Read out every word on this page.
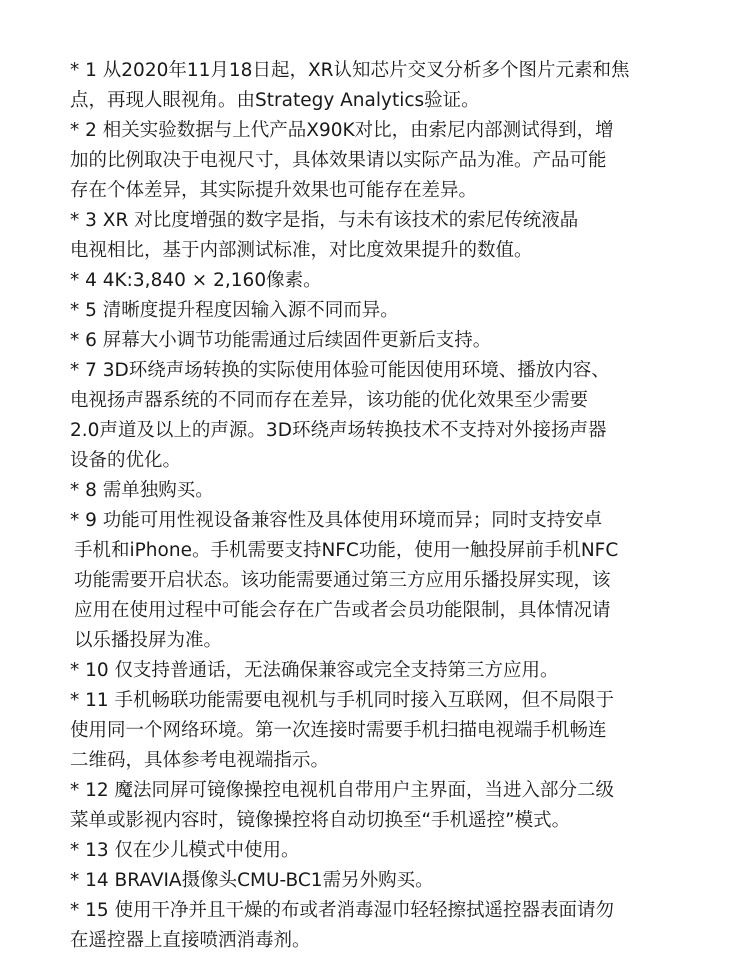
* 1 从2020年11月18日起，XR认知芯片交叉分析多个图片元素和焦
点，再现人眼视角。由Strategy Analytics验证。
* 2 相关实验数据与上代产品X90K对比，由索尼内部测试得到，增
加的比例取决于电视尺寸，具体效果请以实际产品为准。产品可能
存在个体差异，其实际提升效果也可能存在差异。
* 3 XR 对比度增强的数字是指，与未有该技术的索尼传统液晶
电视相比，基于内部测试标准，对比度效果提升的数值。
* 4 4K:3,840 × 2,160像素。
* 5 清晰度提升程度因输入源不同而异。
* 6 屏幕大小调节功能需通过后续固件更新后支持。
* 7 3D环绕声场转换的实际使用体验可能因使用环境、播放内容、
电视扬声器系统的不同而存在差异，该功能的优化效果至少需要
2.0声道及以上的声源。3D环绕声场转换技术不支持对外接扬声器
设备的优化。
* 8 需单独购买。
* 9 功能可用性视设备兼容性及具体使用环境而异；同时支持安卓
手机和iPhone。手机需要支持NFC功能，使用一触投屏前手机NFC
功能需要开启状态。该功能需要通过第三方应用乐播投屏实现，该
应用在使用过程中可能会存在广告或者会员功能限制，具体情况请
以乐播投屏为准。
* 10 仅支持普通话，无法确保兼容或完全支持第三方应用。
* 11 手机畅联功能需要电视机与手机同时接入互联网，但不局限于
使用同一个网络环境。第一次连接时需要手机扫描电视端手机畅连
二维码，具体参考电视端指示。
* 12 魔法同屏可镜像操控电视机自带用户主界面，当进入部分二级
菜单或影视内容时，镜像操控将自动切换至“手机遥控”模式。
* 13 仅在少儿模式中使用。
* 14 BRAVIA摄像头CMU-BC1需另外购买。
* 15 使用干净并且干燥的布或者消毒湿巾轻轻擦拭遥控器表面请勿
在遥控器上直接喷洒消毒剂。
